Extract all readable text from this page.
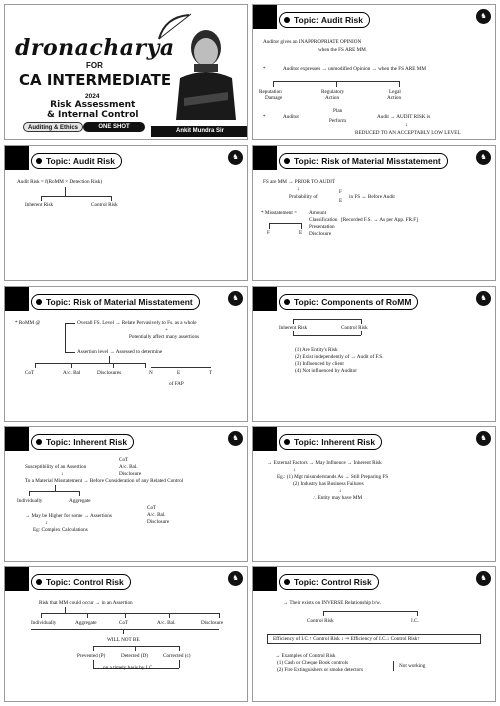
dronacharya
FOR
CA INTERMEDIATE
2024
Risk Assessment
& Internal Control
Auditing & Ethics	ONE SHOT
Ankit Mundra Sir
Topic: Audit Risk	♞
Auditor gives an INAPPROPRIATE OPINION
when the FS ARE MM
*	Auditor expresses → unmodified Opinion → when the FS ARE MM
Reputation
Damage
Regulatory
Action
Legal
Action
*	Auditor
Plan
Perform
Audit → AUDIT RISK is
↓
REDUCED TO AN ACCEPTABLY LOW LEVEL
Topic: Audit Risk	♞
Audit Risk = f(RoMM × Detection Risk)
Inherent Risk	Control Risk
Topic: Risk of Material Misstatement	♞
FS are MM → PRIOR TO AUDIT
↓
Probability of
F
E
in FS ↔ Before Audit
* Misstatement = Amount
Classification [Recorded F.S. → As per App. FR.F]
Presentation
Disclosure
F	E
Topic: Risk of Material Misstatement	♞
* RoMM @	Overall FS. Level → Relate Pervasively to Fs. as a whole
+
Potentially affect many assertions
Assertion level → Assessed to determine
CoT	A/c. Bal	Disclosures	N	E	T
of FAP
Topic: Components of RoMM	♞
Inherent Risk	Control Risk
(1) Are Entity's Risk
(2) Exist independently of → Audit of F.S.
(3) Influenced by client
(4) Not influenced by Auditor
Topic: Inherent Risk	♞
CoT
Susceptibility of an Assertion	A/c. Bal.
Disclosure
↓
To a Material Misstatement → Before Consideration of any Related Control
Individually	Aggregate
CoT
→ May be Higher for some → Assertions	A/c. Bal.
Disclosure
↓
Eg: Complex Calculations
Topic: Inherent Risk	♞
→ External Factors → May Influence → Inherent Risk
↓
Eg.: (1) Mgt misunderstands As → Still Preparing FS
(2) Industry has Business Failures
↓
∴ Entity may have MM
Topic: Control Risk	♞
Risk that MM could occur → in an Assertion
Individually	Aggregate	CoT	A/c. Bal.	Disclosure
WILL NOT BE
Prevented (P)	Detected (D)	Corrected (c)
on a timely basis by I.C.
Topic: Control Risk	♞
→ Their exists on INVERSE Relationship b/w.
Control Risk	I.C.
Efficiency of I.C.↑ Control Risk ↓ ⇒ Efficiency of I.C.↓ Control Risk↑
→ Examples of Control Risk
(1) Cash or Cheque Book controls
(2) Fire Extinguishers or smoke detectors
Not working
